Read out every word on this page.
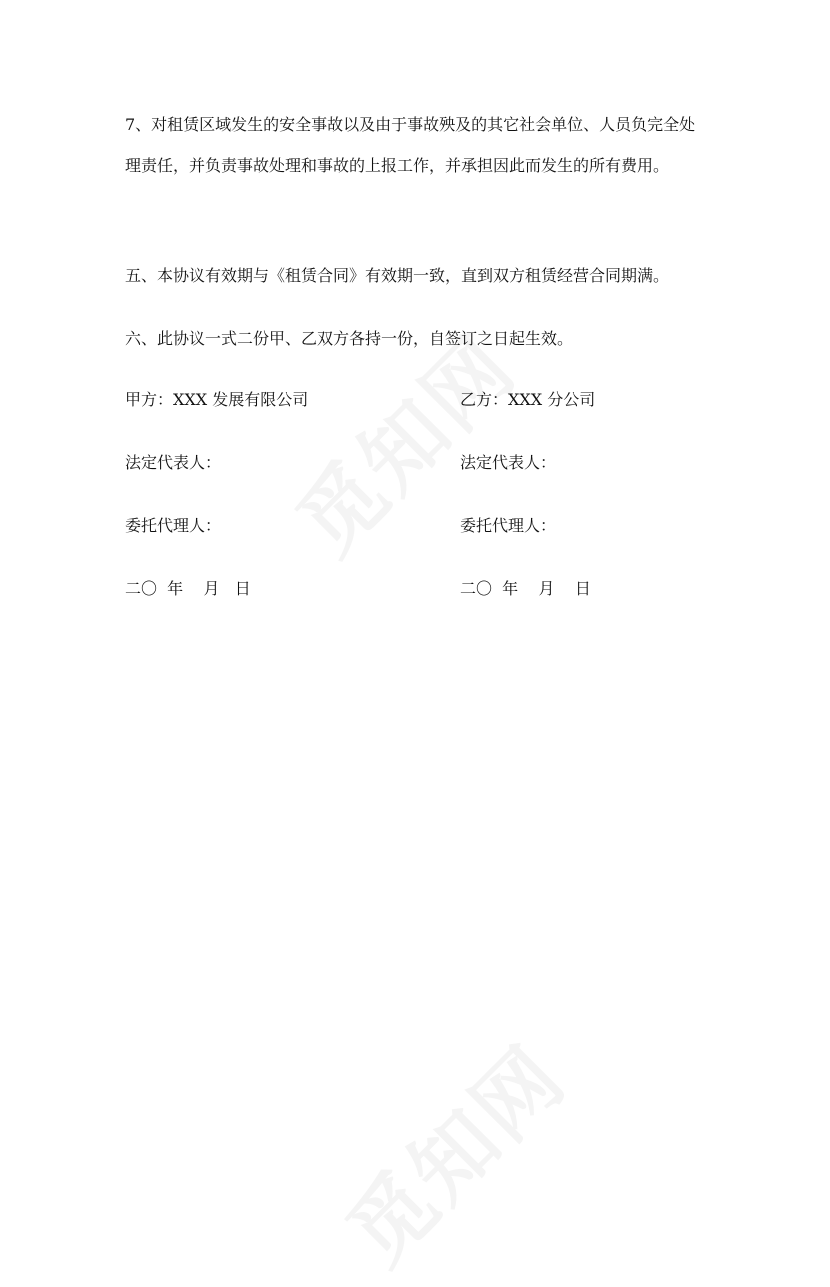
7、对租赁区域发生的安全事故以及由于事故殃及的其它社会单位、人员负完全处理责任，并负责事故处理和事故的上报工作，并承担因此而发生的所有费用。

五、本协议有效期与《租赁合同》有效期一致，直到双方租赁经营合同期满。

六、此协议一式二份甲、乙双方各持一份，自签订之日起生效。

甲方：XXX 发展有限公司	乙方：XXX 分公司
法定代表人：	法定代表人：
委托代理人：	委托代理人：
二〇  年    月   日	二〇  年    月    日
